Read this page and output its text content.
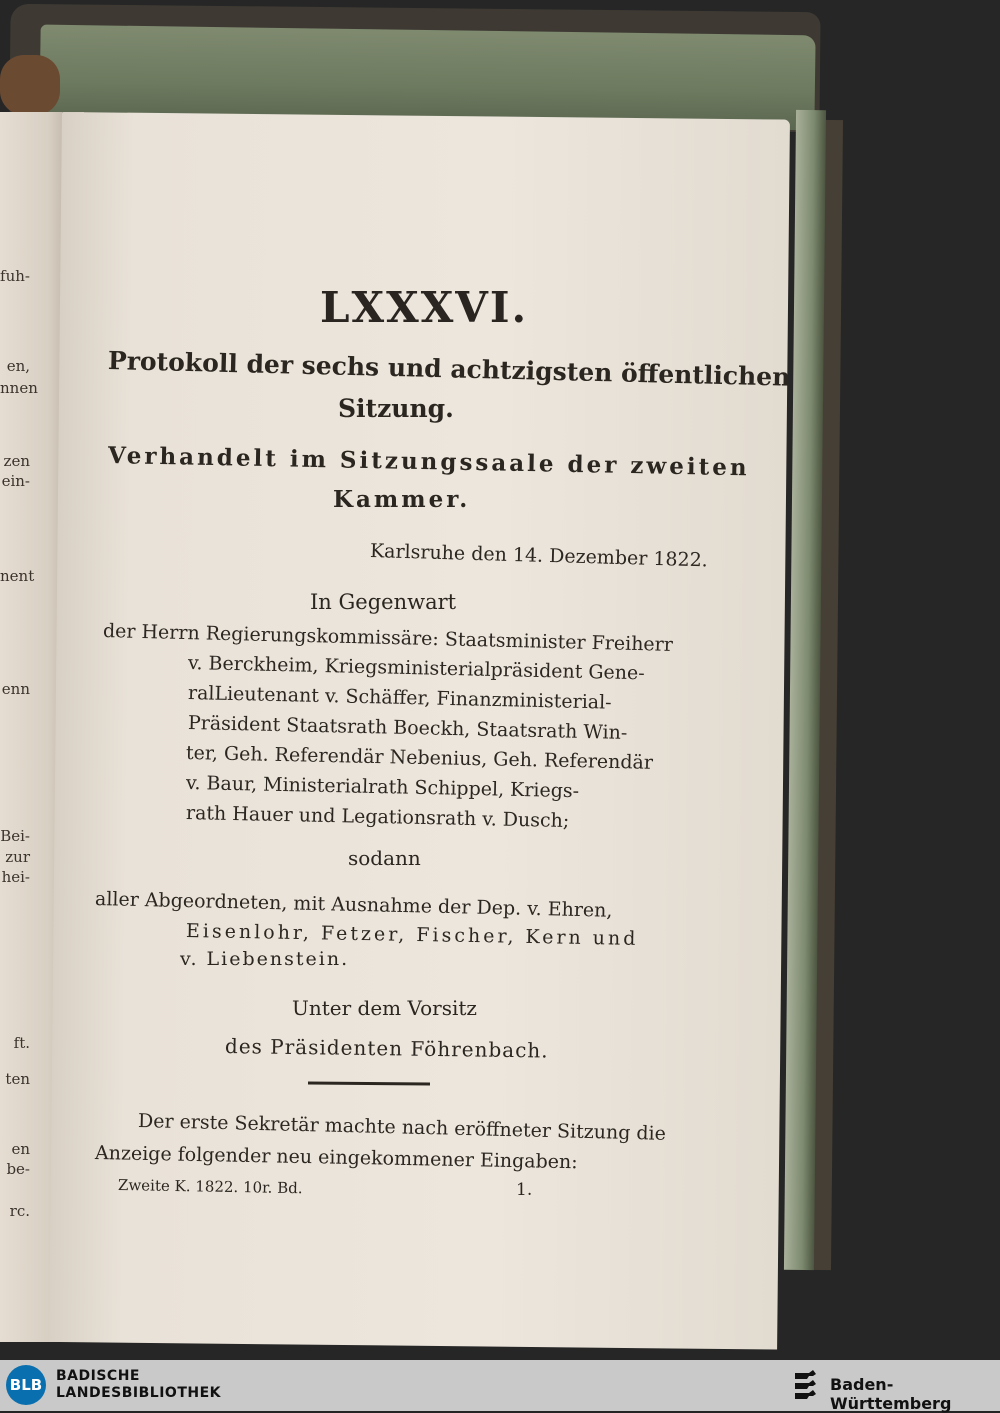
fuh-
en,
nnen
zen
ein-
nent
enn
Bei-
zur
hei-
ft.
ten
en
be-
rc.
LXXXVI.
Protokoll der sechs und achtzigsten öffentlichen
Sitzung.
Verhandelt im Sitzungssaale der zweiten
Kammer.
Karlsruhe den 14. Dezember 1822.
In Gegenwart
der Herrn Regierungskommissäre: Staatsminister Freiherr
v. Berckheim, Kriegsministerialpräsident Gene-
ralLieutenant v. Schäffer, Finanzministerial-
Präsident Staatsrath Boeckh, Staatsrath Win-
ter, Geh. Referendär Nebenius, Geh. Referendär
v. Baur, Ministerialrath Schippel, Kriegs-
rath Hauer und Legationsrath v. Dusch;
sodann
aller Abgeordneten, mit Ausnahme der Dep. v. Ehren,
Eisenlohr, Fetzer, Fischer, Kern und
v. Liebenstein.
Unter dem Vorsitz
des Präsidenten Föhrenbach.
Der erste Sekretär machte nach eröffneter Sitzung die
Anzeige folgender neu eingekommener Eingaben:
Zweite K. 1822. 10r. Bd.	1.
BLB BADISCHE
LANDESBIBLIOTHEK	Baden-Württemberg
